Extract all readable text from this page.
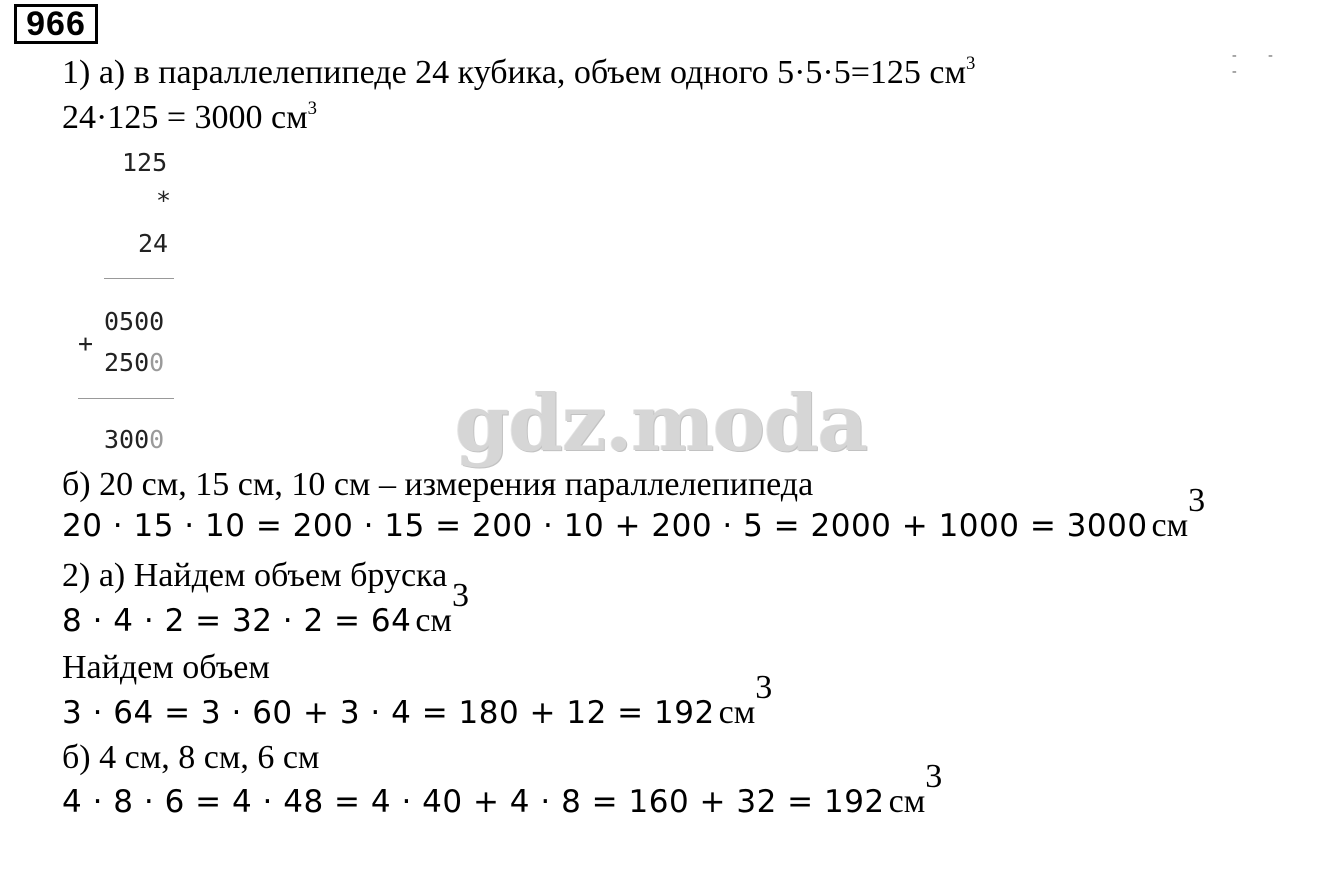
966
- - -
1) а) в параллелепипеде 24 кубика, объем одного 5·5·5=125 $см^3$
24·125 = 3000 $см^3$
125
*
24
0500
+
2500
3000	gdz.moda
б) 20 см, 15 см, 10 см – измерения параллелепипеда
20 · 15 · 10 = 200 · 15 = 200 · 10 + 200 · 5 = 2000 + 1000 = 3000 $см^3$
2) а) Найдем объем бруска
8 · 4 · 2 = 32 · 2 = 64 $см^3$
Найдем объем
3 · 64 = 3 · 60 + 3 · 4 = 180 + 12 = 192 $см^3$
б) 4 см, 8 см, 6 см
4 · 8 · 6 = 4 · 48 = 4 · 40 + 4 · 8 = 160 + 32 = 192 $см^3$
